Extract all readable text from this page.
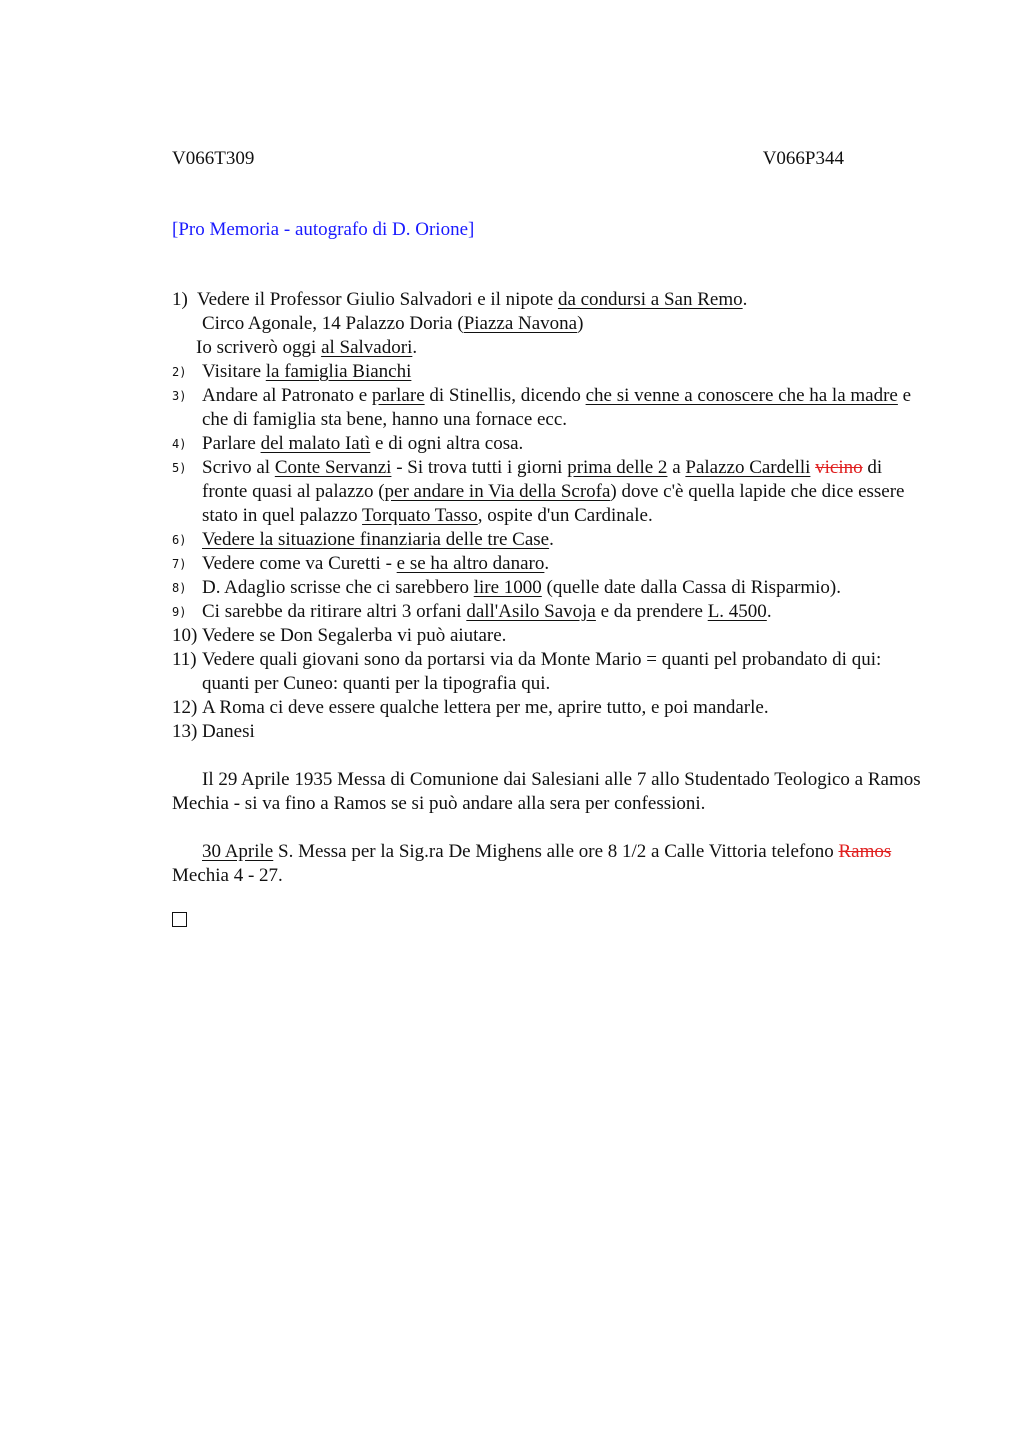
V066T309	V066P344
[Pro Memoria - autografo di D. Orione]
1) Vedere il Professor Giulio Salvadori e il nipote da condursi a San Remo.
Circo Agonale, 14 Palazzo Doria (Piazza Navona)
Io scriverò oggi al Salvadori.
2) Visitare la famiglia Bianchi
3) Andare al Patronato e parlare di Stinellis, dicendo che si venne a conoscere che ha la madre e che di famiglia sta bene, hanno una fornace ecc.
4) Parlare del malato Iatì e di ogni altra cosa.
5) Scrivo al Conte Servanzi - Si trova tutti i giorni prima delle 2 a Palazzo Cardelli vicino di fronte quasi al palazzo (per andare in Via della Scrofa) dove c'è quella lapide che dice essere stato in quel palazzo Torquato Tasso, ospite d'un Cardinale.
6) Vedere la situazione finanziaria delle tre Case.
7) Vedere come va Curetti - e se ha altro danaro.
8) D. Adaglio scrisse che ci sarebbero lire 1000 (quelle date dalla Cassa di Risparmio).
9) Ci sarebbe da ritirare altri 3 orfani dall'Asilo Savoja e da prendere L. 4500.
10) Vedere se Don Segalerba vi può aiutare.
11) Vedere quali giovani sono da portarsi via da Monte Mario = quanti pel probandato di qui: quanti per Cuneo: quanti per la tipografia qui.
12) A Roma ci deve essere qualche lettera per me, aprire tutto, e poi mandarle.
13) Danesi
Il 29 Aprile 1935 Messa di Comunione dai Salesiani alle 7 allo Studentado Teologico a Ramos Mechia - si va fino a Ramos se si può andare alla sera per confessioni.
30 Aprile S. Messa per la Sig.ra De Mighens alle ore 8 1/2 a Calle Vittoria telefono Ramos Mechia 4 - 27.
